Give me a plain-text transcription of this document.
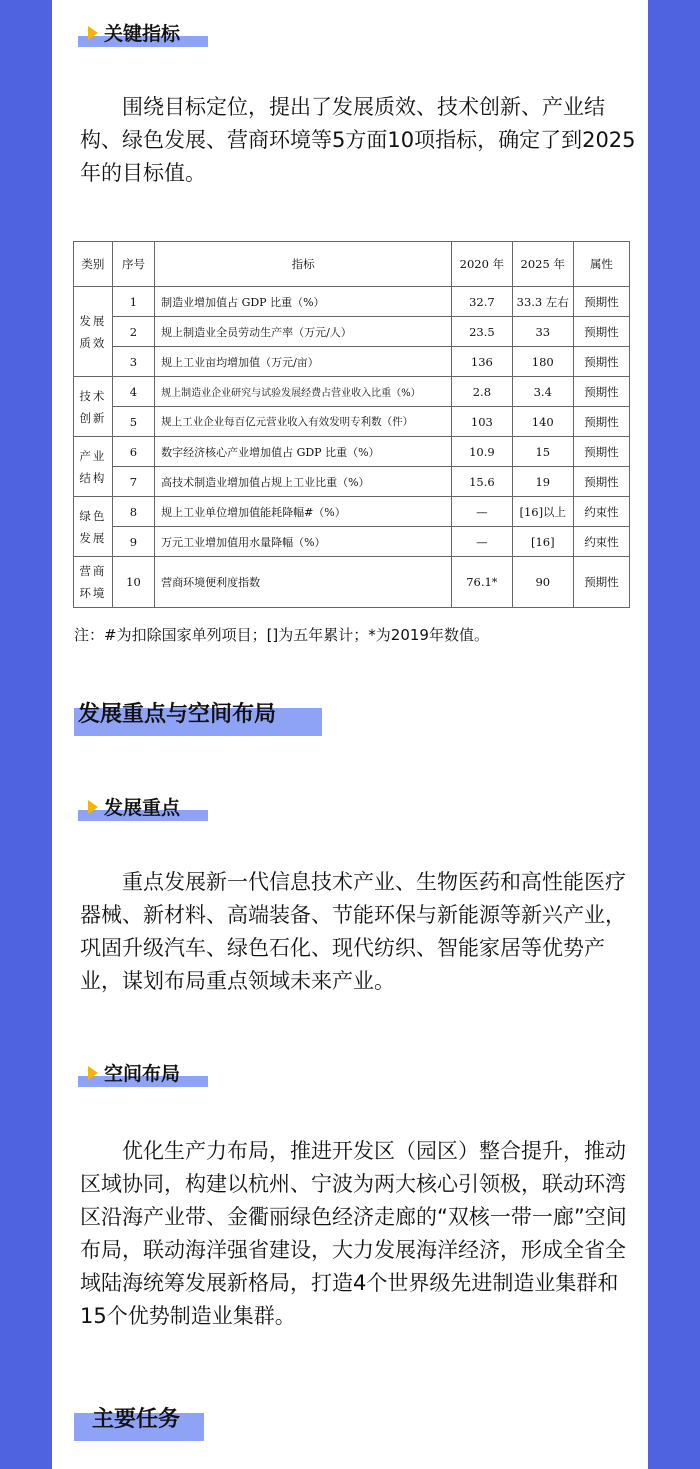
关键指标

围绕目标定位，提出了发展质效、技术创新、产业结构、绿色发展、营商环境等5方面10项指标，确定了到2025年的目标值。

类别	序号	指标	2020 年	2025 年	属性
发展质效	1	制造业增加值占 GDP 比重（%）	32.7	33.3 左右	预期性
	2	规上制造业全员劳动生产率（万元/人）	23.5	33	预期性
	3	规上工业亩均增加值（万元/亩）	136	180	预期性
技术创新	4	规上制造业企业研究与试验发展经费占营业收入比重（%）	2.8	3.4	预期性
	5	规上工业企业每百亿元营业收入有效发明专利数（件）	103	140	预期性
产业结构	6	数字经济核心产业增加值占 GDP 比重（%）	10.9	15	预期性
	7	高技术制造业增加值占规上工业比重（%）	15.6	19	预期性
绿色发展	8	规上工业单位增加值能耗降幅#（%）	—	[16]以上	约束性
	9	万元工业增加值用水量降幅（%）	—	[16]	约束性
营商环境	10	营商环境便利度指数	76.1*	90	预期性
注：#为扣除国家单列项目；[]为五年累计；*为2019年数值。
发展重点与空间布局
发展重点

重点发展新一代信息技术产业、生物医药和高性能医疗器械、新材料、高端装备、节能环保与新能源等新兴产业，巩固升级汽车、绿色石化、现代纺织、智能家居等优势产业，谋划布局重点领域未来产业。

空间布局

优化生产力布局，推进开发区（园区）整合提升，推动区域协同，构建以杭州、宁波为两大核心引领极，联动环湾区沿海产业带、金衢丽绿色经济走廊的“双核一带一廊”空间布局，联动海洋强省建设，大力发展海洋经济，形成全省全域陆海统筹发展新格局，打造4个世界级先进制造业集群和15个优势制造业集群。

主要任务
